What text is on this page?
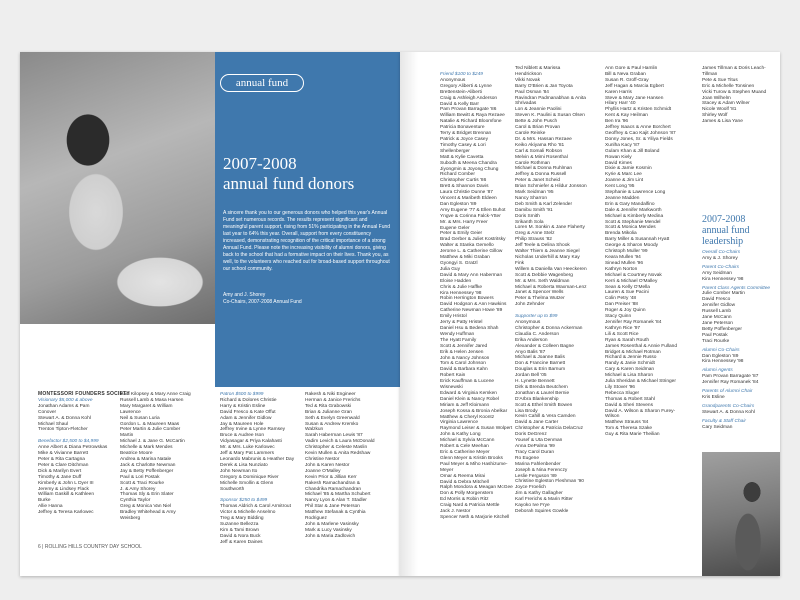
annual fund
2007-2008
annual fund donors
A sincere thank you to our generous donors who helped this year's Annual Fund set numerous records. The results represent significant and meaningful parent support, rising from 51% participating in the Annual Fund last year to 64% this year. Overall, support from every constituency increased, demonstrating recognition of the critical importance of a strong Annual Fund. Please note the increasing visibility of alumni donors, giving back to the school that had a formative impact on their lives. Thank you, as well, to the volunteers who reached out for broad-based support throughout our school community.
Amy and J. Shorey
Co-Chairs, 2007-2008 Annual Fund
MONTESSORI FOUNDERS SOCIETY
Visionary $5,000 & above
Jonathan Adams & Pam
Conover
Stewart A. & Donna Kohl
Michael Shaul
Trenton Tipton-Fletcher

Benefactor $2,500 to $4,999
Anne Albert & Diana Petrowskas
Mike & Vivianne Barrett
Peter & Rita Cartagna
Peter & Clare Ditchman
Dick & Marilyn Evert
Timothy & Jane Duff
Kimberly & John L Dyer III
Jeremy & Lindsey Flack
William Gaskill & Kathleen
Burke
Allie Hanna
Jeffrey & Teresa Karlowec
Paul Kilopsey & Mary Anne Craig
Russell Lamb & Masa Harsen
Mary Margaret & William
Lawrence
Neil & Susan Luria
Gordon L. & Maureen Maas
Peter Martin & Julie Comber
Martin
Michael J. & Jane G. McCartin
Michelle & Mark Mendes
Beatrice Moore
Andrea & Marina Natale
Jack & Charlotte Newman
Jay & Betty Poffenberger
Paul & Lori Postak
Scott & Traci Rourke
J. & Amy Shorey
Thomas Sly & Erin Slater
Cynthia Taylor
Greg & Monica Van Niel
Bradley Whitehead & Amy
Weisberg
Patron $500 to $999
Richard & Dolores Christie
Harry & Kristin Esline
David Fresco & Kate Offut
Adam & Jennifer Gidlow
Jay & Maureen Hole
Jeffrey Irvine & Lynne Ramsey
Bruce & Audree Ison
Vidyasagar & Priya Kalahasti
Mr. & Mrs. Luke Karlowec
Jeff & Mary Pat Lammers
Leonardo Mabrunis & Heather Day
Derek & Lisa Nunziato
John Newman Ito
Gregory & Dominique River
Michelle Smollin & Glenn
Southworth

Sponsor $250 to $499
Thomas Aldrich & Carol Armitrout
Victor & Michelle Anselmo
Treg & Mary Bidding
Suzanne Bellezza
Kim & Tami Brown
David & Nora Buck
Jeff & Karen Daines
Rakesh & Niki Engineer
Herman & Janice Frerichs
Ted & Rita Grabowski
Brian & Julianne Gran
Seth & Evelyn Greenwald
Susan & Andrew Kremko
Walzkun
Sarah Haberman Lewis '87
Vadim Levich & Laura McDonald
Christopher & Celeste Maslin
Kevin Mullen & Anita Redshaw
Christine Nestor
John & Karen Nestor
Joanne O'Malley
Kevin Prior & Jillian Kerr
Rakesh Ramachandran &
Chandrika Ramachandran
Michael '85 & Martha Schubert
Nancy Lyon & Alan T. Stadler
Phil Star & Jane Peterson
Matthew Stefanak & Cynthia
Rodriguez
John & Marlene Vasinsky
Mark & Lucy Vasinsky
John & Maria Zadlovich
6 | ROLLING HILLS COUNTRY DAY SCHOOL
Friend $100 to $249
Anonymous
Gregory Aliberti & Lynne
Brettenstein-Aliberti
Craig & Ashleigh Anderson
David & Kelly Barr
Pam Provan Barragate '86
William Bewitt & Raya Rezaee
Natalie & Richard Bloomfone
Patricia Bonaventure
Terry & Bridget Brennan
Patrick & Joyce Casey
Timothy Casey & Lori
Shellenberger
Matt & Kylie Cavetta
Subodh & Meena Chandra
Jiyongmin & Joyong Chung
Richard Comber
Christopher Curtis '86
Brett & Shannon Davis
Laura Christie Dunne '87
Vincent & Maribeth Eldeen
Dan Egleston '89
Amy Eugene '77 & Ellen Buhot
Yngve & Corinna Falck-Ytter
Mr. & Mrs. Harry Freer
Eugene Geler
Peter & Emily Geier
Brad Gerber & Juliet Kostritsky
Walter & Stanka Gemello
Jerome L. & Catherine Gillow
Matthew & Miki Graban
Gyongyi S. Gratzl
Julia Guy
David & Mary Ann Haberman
Eloise Hadden
Chris & Julie Haffke
Kira Hennessey '98
Robin Herrington Bowers
David Hodgson & Ann Hawkins
Catherine Newman Howe '89
Emily Hristol
Jerry & Patty Hristel
Daniel Hsu & Bedena Shah
Wendy Huffman
The Hyatt Family
Scott & Jennifer Jared
Erik & Helen Jensen
John & Nancy Johnson
Tom & Carol Johnson
David & Barbara Kahn
Robert Kain
Erick Kauffman & Lucene
Wisnewski
Edward & Virginia Kemken
Daniel Klein & Nancy Robel
Miriam & Jeff Kloimann
Joseph Kossa & Bronia Abelkar
Matthew & Cheryl Koontz
Virginia Lawrence
Raymond Leiser & Susan Wolpert
John & Kathy Long
Michael & Sylvia McCann
Robert & Cele Meehan
Eric & Catherine Meyer
Glenn Meyer & Kristin Brooks
Paul Meyer & Miho Hashizume-
Meyer
Omar & Reema Mirai
David & Debra Mitchell
Ralph Mondora & Meagan McGee
Don & Polly Morgenstern
Ed Morris & Robin Ritz
Craig Nard & Patricia Mettle
Jack J. Nestor
Spencer Neth & Marjorie Kitchell
Ted Niblett & Marissa
Hendrickson
Vikki Novak
Barry O'Brien & Jan Toyota
Paul Osman '84
Ravindran Padmanabhan & Anita
Shrivadas
Lon & Jeannie Paolini
Steven K. Paulini & Susan Olsen
Bette & John Pusch
Carol & Brian Provan
Carole Reinke
Dr. & Mrs. Hassan Rezaee
Keiko Akiyama Rho '81
Carl & Somali Robson
Melvin & Mimi Rosenthal
Carole Rothman
Michael & Donna Ruhlman
Jeffrey & Donna Russell
Peter & Janet Scheid
Brian Schmiefer & Hildur Jonsson
Mark Seidman '95
Nancy Sharron
Deb Smith & Karl Zelender
Damibu Smith '91
Doris Smith
Srikanth Sola
Loren M. Sonkin & Jane Flaherty
Greg & Anne Stelz
Philip Strauss '82
Jeff Teele & Delina Shook
Walter Thiem & Jeanne Siegel
Nicholas Underhill & Mary Kay
Fink
Willem & Daniella Van Heeckeren
Scott & Debbie Wagenberg
Mr. & Mrs. Seth Waldman
Michael & Roberta Waxman-Lenz
Janet & Spencer Wells
Peter & Thelma Wutzer
John Zehnder

Supporter up to $99
Anonymous
Christopher & Donna Ackerman
Claudia C. Anderson
Erika Anderson
Alexander & Colleen Bagne
Anyo Balis '87
Michael & Joanne Balis
Don & Francine Barnett
Douglas & Erin Barnum
Jordan Bell '05
H. Lynette Bennett
Dirk & Brenda Beutchem
Jonathan & Laurel Bernie
D'Arbra Blankenship
Scott & Ethel Smith Bowen
Lisa Brody
Kevin Cahill & Vera Camden
David & Jane Carter
Christopher & Patricia DelaCruz
Doris DeGrenz
Yousef & Uta Denman
Anna DePalma '99
Tracy Carol Duran
Ro Eugene
Marina Fahlenbender
Joseph & Nina Ferenczy
Leslie Ferguson '89
Christine Egleston Fleshman '90
Joyce Froelich
Jim & Kathy Gallagher
Karl Frerichs & Marin Ritter
Kayoko Ive Frye
Deborah Squires Gowkle
Ann Gore & Paul Hamlin
Bill & Neva Graban
Susan R. Groff-Gray
Jeff Hagan & Marcia Egbert
Karen Harris
Steve & Mary Jane Hansen
Hilary Harr '40
Phyllis Hartz & Kristen Schmidt
Kent & Kay Heilman
Ben Ira '96
Jeffrey Isaacs & Anne Borchert
Geoffrey & Cao Kajit Johnson '87
Donny Jones, Sr. & Yiliya Fields
Xunlha Kacy '87
Gulam Khan & Jill Boland
Rowan Kiely
David Kimes
Dixie & Jamie Kosmin
Kyrie & Marc Lee
Joanne & Jim Lint
Kent Long '95
Stephanie & Lawrence Long
Jeanne Madden
Erin & Gary Mandalfino
Dale & Jennifer Markworth
Michael & Kimberly Medina
Scott & Stephanie Mendel
Scott & Monica Mendes
Brenda Mikolia
Barry Miller & Susannah Hyatt
George & Sharon Moody
Christoph Muller '99
Keara Mullen '94
Sinead Mullen '96
Kathryn Norton
Michael & Courtney Novak
Kerri & Michael O'Malley
Sean & Kelly O'Mella
Lauren & Sue Pacini
Colin Petry '48
Dan Preiser '88
Roger & Joy Quinn
Stacy Quinn
Jennifer Ray Romanek '84
Kathryn Rice '97
Lili & Scott Rice
Ryan & Sarah Routh
James Rosenthal & Annie Fulland
Bridget & Michael Rotman
Richard & Jennie Russo
Randy & Janie Schmidt
Cary & Karen Seidman
Michael & Lisa Sharon
Julia Sheridan & Michael Stringer
Lily Stover '96
Rebecca Sluger
Thomas & Robert Stahl
David & Sheri Stevens
David A. Wilson & Sharon Furey-
Wilson
Matthew Strauss '84
Tom & Theresa Szake
Guy & Rita Marie Theilian
James Tillman & Doris Leach-
Tillman
Pete & Sue Titus
Eric & Michelle Tonsinen
Vicki Turow & Stephen Muand
Joan Wilhelm
Stacey & Adam Wilner
Nicole Woolf '81
Shirley Wolf
James & Lisa Yane
2007-2008
annual fund
leadership
Overall Co-Chairs
Amy & J. Shorey
Parent Co-Chairs
Amy Seidman
Kira Hennessey '98
Parent Class Agents Committee
Julie Comber Martin
David Fresco
Jennifer Gidlow
Russell Lamb
Jane McCann
Jane Peterson
Betty Poffenberger
Paul Postak
Traci Rourke
Alumni Co-Chairs
Dan Egleston '89
Kira Hennessey '98
Alumni Agents
Pam Provan Barragate '87
Jennifer Ray Romanek '84
Parents of Alumni Chair
Kris Esline
Grandparents Co-Chairs
Stewart A. & Donna Kohl
Faculty & Staff Chair
Cary Seidman
